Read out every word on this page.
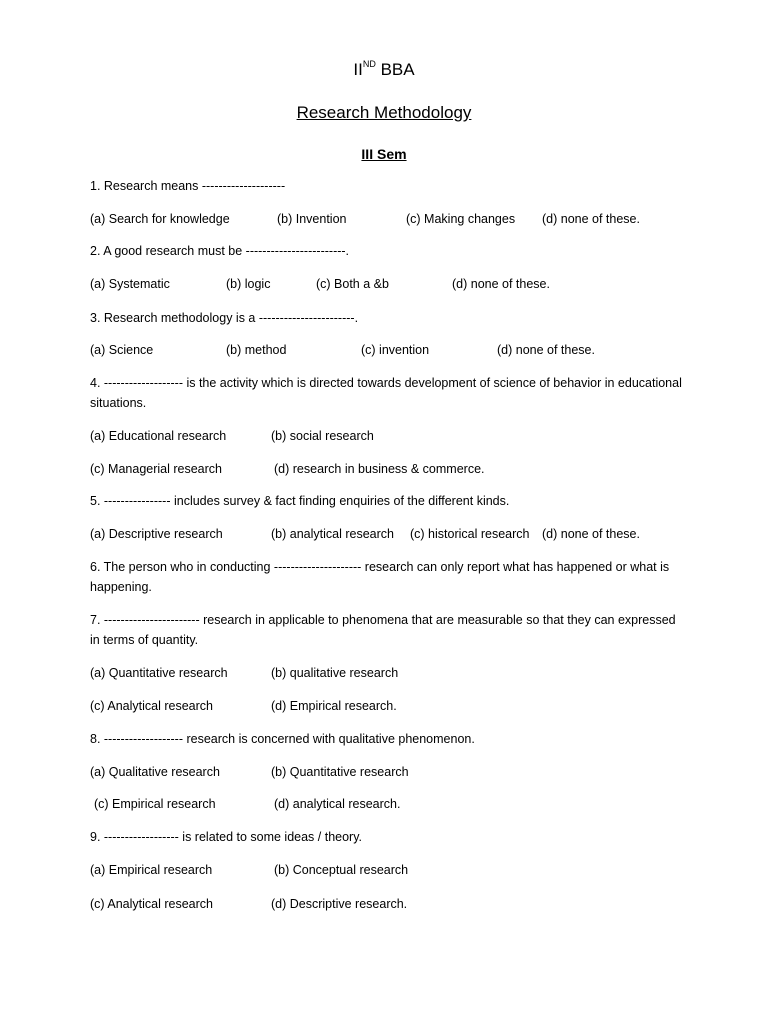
IIND BBA
Research Methodology
III Sem
1. Research means --------------------
(a) Search for knowledge	(b) Invention	(c) Making changes (d) none of these.
2. A good research must be ------------------------.
(a) Systematic	(b) logic	(c) Both a &b	(d) none of these.
3. Research methodology is a -----------------------.
(a) Science	(b) method	(c) invention	(d) none of these.
4. ------------------- is the activity which is directed towards development of science of behavior in educational situations.
(a) Educational research	(b) social research
(c) Managerial research	(d) research in business & commerce.
5. ---------------- includes survey & fact finding enquiries of the different kinds.
(a) Descriptive research	(b) analytical research (c) historical research (d) none of these.
6. The person who in conducting --------------------- research can only report what has happened or what is happening.
7. ----------------------- research in applicable to phenomena that are measurable so that they can expressed in terms of quantity.
(a) Quantitative research	(b) qualitative research
(c) Analytical research	(d) Empirical research.
8. ------------------- research is concerned with qualitative phenomenon.
(a) Qualitative research	(b) Quantitative research
(c) Empirical research	(d) analytical research.
9. ------------------ is related to some ideas / theory.
(a) Empirical research	(b) Conceptual research
(c) Analytical research	(d) Descriptive research.
